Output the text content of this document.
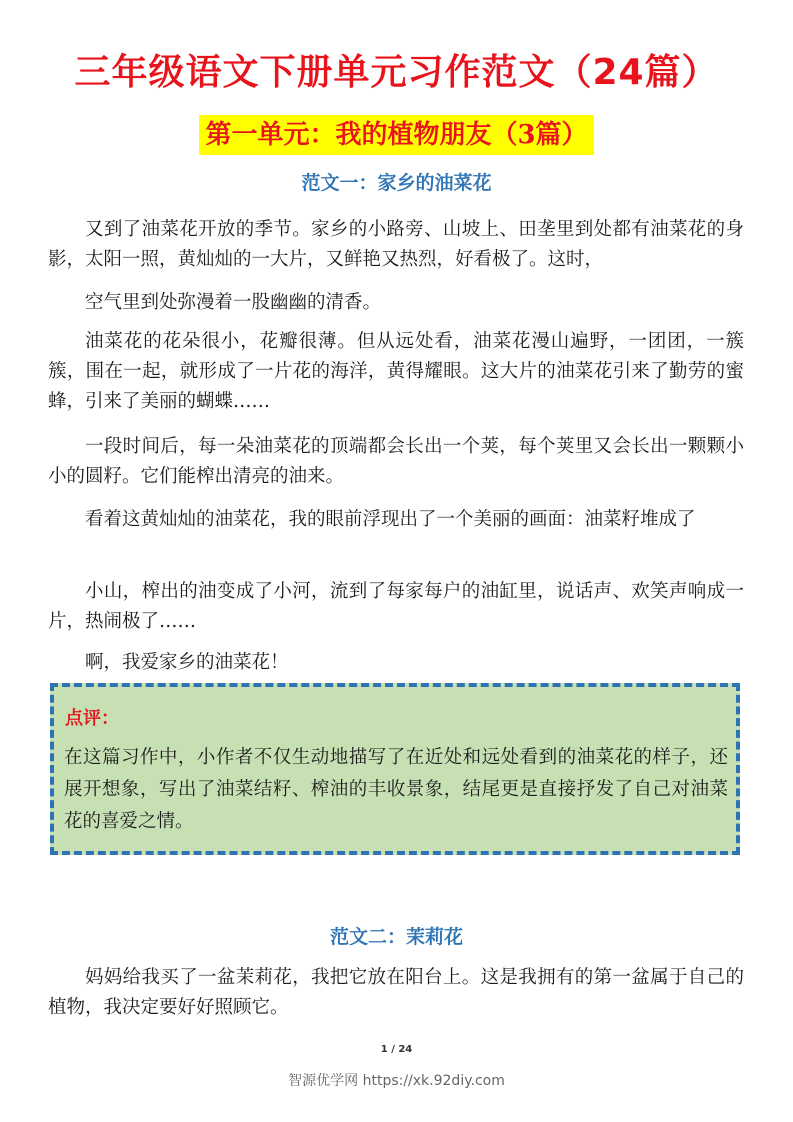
三年级语文下册单元习作范文（24篇）
第一单元：我的植物朋友（3篇）
范文一：家乡的油菜花

又到了油菜花开放的季节。家乡的小路旁、山坡上、田垄里到处都有油菜花的身影，太阳一照，黄灿灿的一大片，又鲜艳又热烈，好看极了。这时，

空气里到处弥漫着一股幽幽的清香。

油菜花的花朵很小，花瓣很薄。但从远处看，油菜花漫山遍野，一团团，一簇簇，围在一起，就形成了一片花的海洋，黄得耀眼。这大片的油菜花引来了勤劳的蜜蜂，引来了美丽的蝴蝶……

一段时间后，每一朵油菜花的顶端都会长出一个荚，每个荚里又会长出一颗颗小小的圆籽。它们能榨出清亮的油来。

看着这黄灿灿的油菜花，我的眼前浮现出了一个美丽的画面：油菜籽堆成了

小山，榨出的油变成了小河，流到了每家每户的油缸里，说话声、欢笑声响成一片，热闹极了……

啊，我爱家乡的油菜花！

点评：

在这篇习作中，小作者不仅生动地描写了在近处和远处看到的油菜花的样子，还展开想象，写出了油菜结籽、榨油的丰收景象，结尾更是直接抒发了自己对油菜花的喜爱之情。

范文二：茉莉花

妈妈给我买了一盆茉莉花，我把它放在阳台上。这是我拥有的第一盆属于自己的植物，我决定要好好照顾它。

1 / 24

智源优学网 https://xk.92diy.com
